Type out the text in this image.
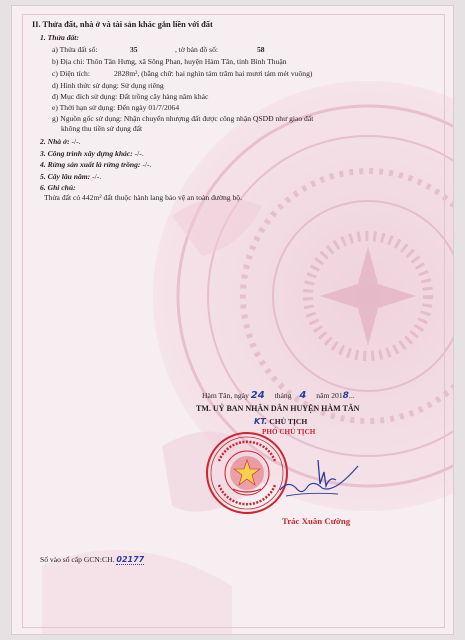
II. Thửa đất, nhà ở và tài sản khác gắn liền với đất
1. Thửa đất:
a) Thửa đất số:	35	, tờ bản đồ số:	58
b) Địa chỉ: Thôn Tân Hưng, xã Sông Phan, huyện Hàm Tân, tỉnh Bình Thuận
c) Diện tích:	2828m², (bằng chữ: hai nghìn tám trăm hai mươi tám mét vuông)
d) Hình thức sử dụng: Sử dụng riêng
đ) Mục đích sử dụng: Đất trồng cây hàng năm khác
e) Thời hạn sử dụng: Đến ngày 01/7/2064
g) Nguồn gốc sử dụng: Nhận chuyển nhượng đất được công nhận QSDĐ như giao đất
không thu tiền sử dụng đất
2. Nhà ở: -/-.
3. Công trình xây dựng khác: -/-.
4. Rừng sản xuất là rừng trồng: -/-.
5. Cây lâu năm: -/-.
6. Ghi chú:
Thửa đất có 442m² đất thuộc hành lang bảo vệ an toàn đường bộ.
Hàm Tân, ngày 24 tháng 4 năm 2018...
TM. UỶ BAN NHÂN DÂN HUYỆN HÀM TÂN
KT. CHỦ TỊCH
PHÓ CHỦ TỊCH
Trác Xuân Cường
Số vào sổ cấp GCN:CH. 02177
